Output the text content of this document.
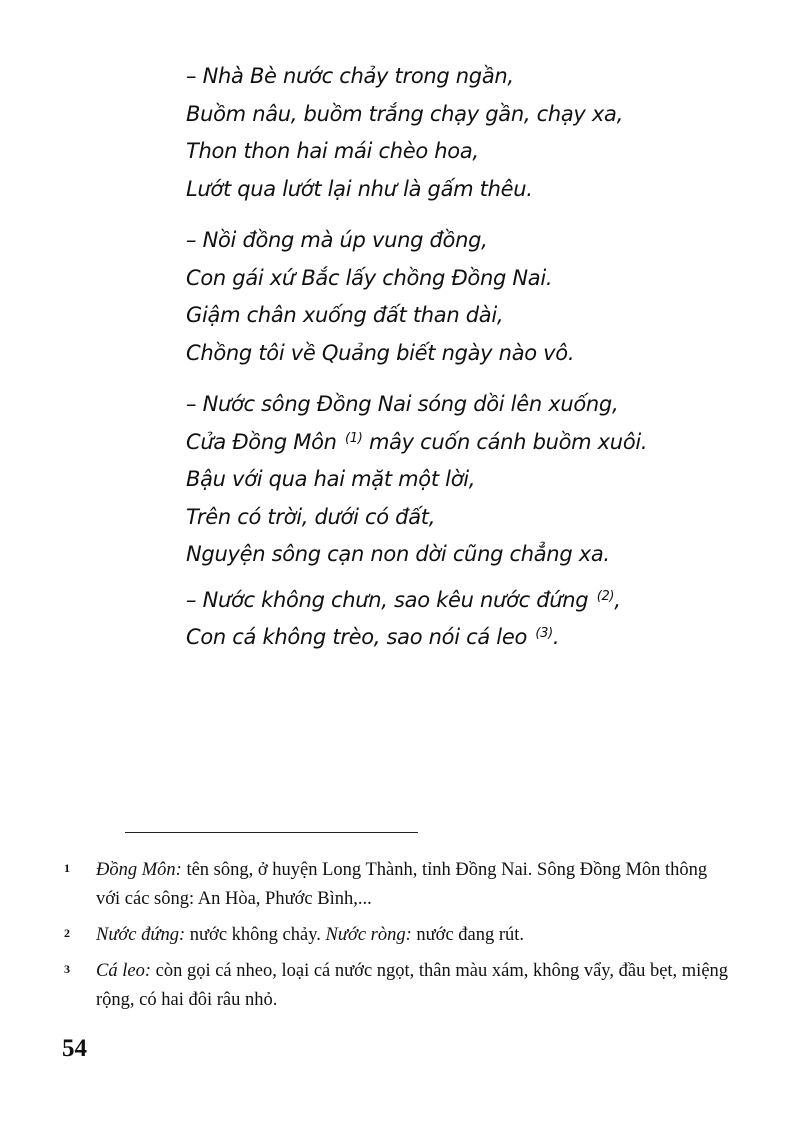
– Nhà Bè nước chảy trong ngần,
Buồm nâu, buồm trắng chạy gần, chạy xa,
Thon thon hai mái chèo hoa,
Lướt qua lướt lại như là gấm thêu.
– Nồi đồng mà úp vung đồng,
Con gái xứ Bắc lấy chồng Đồng Nai.
Giậm chân xuống đất than dài,
Chồng tôi về Quảng biết ngày nào vô.
– Nước sông Đồng Nai sóng dồi lên xuống,
Cửa Đồng Môn $^{(1)}$ mây cuốn cánh buồm xuôi.
Bậu với qua hai mặt một lời,
Trên có trời, dưới có đất,
Nguyện sông cạn non dời cũng chẳng xa.
– Nước không chưn, sao kêu nước đứng $^{(2)}$,
Con cá không trèo, sao nói cá leo $^{(3)}$.
1 Đồng Môn: tên sông, ở huyện Long Thành, tỉnh Đồng Nai. Sông Đồng Môn thông với các sông: An Hòa, Phước Bình,...
2 Nước đứng: nước không chảy. Nước ròng: nước đang rút.
3 Cá leo: còn gọi cá nheo, loại cá nước ngọt, thân màu xám, không vẩy, đầu bẹt, miệng rộng, có hai đôi râu nhỏ.
54
